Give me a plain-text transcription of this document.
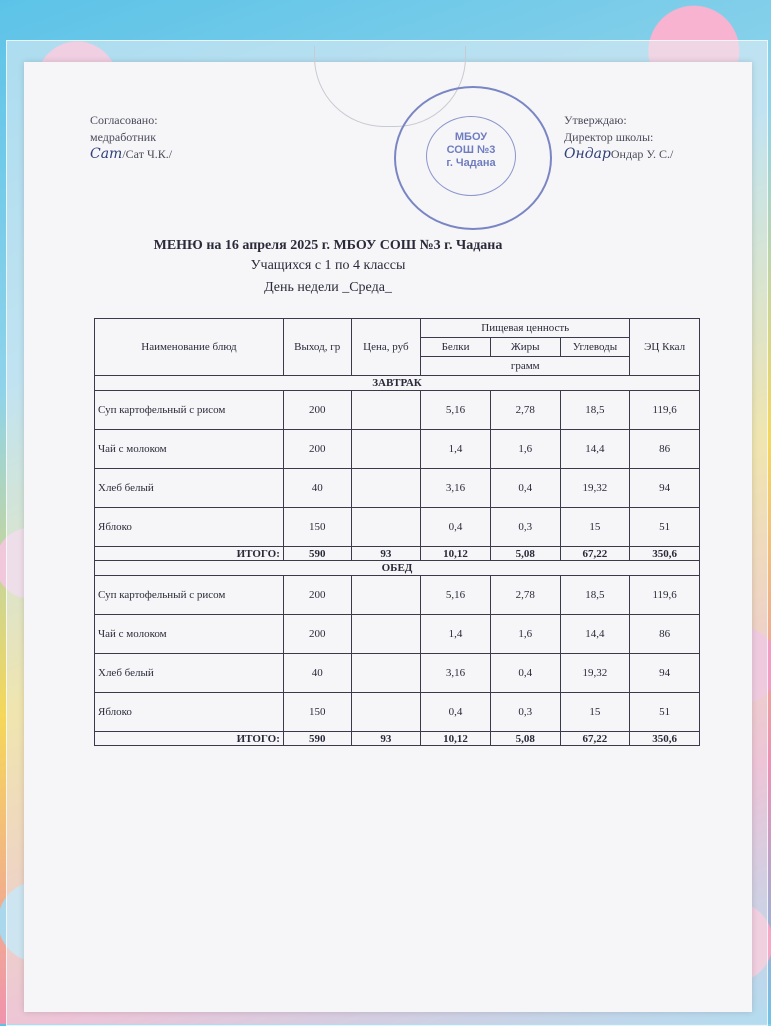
Согласовано:
медработник
Сат/Сат Ч.К./
МБОУ
СОШ №3
г. Чадана
Утверждаю:
Директор школы:
ОндарОндар У. С./
МЕНЮ на 16 апреля 2025 г. МБОУ СОШ №3 г. Чадана
Учащихся с 1 по 4 классы
День недели _Среда_
Наименование блюд	Выход, гр	Цена, руб	Пищевая ценность			ЭЦ Ккал
			Белки	Жиры	Углеводы	
			грамм			
ЗАВТРАК						
Суп картофельный с рисом	200		5,16	2,78	18,5	119,6
Чай с молоком	200		1,4	1,6	14,4	86
Хлеб белый	40		3,16	0,4	19,32	94
Яблоко	150		0,4	0,3	15	51
ИТОГО:	590	93	10,12	5,08	67,22	350,6
ОБЕД						
Суп картофельный с рисом	200		5,16	2,78	18,5	119,6
Чай с молоком	200		1,4	1,6	14,4	86
Хлеб белый	40		3,16	0,4	19,32	94
Яблоко	150		0,4	0,3	15	51
ИТОГО:	590	93	10,12	5,08	67,22	350,6
